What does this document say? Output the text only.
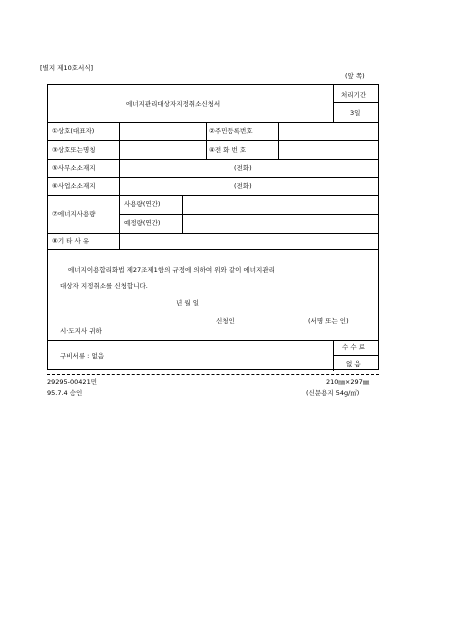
[별지 제10호서식]
(앞 쪽)
에너지관리대상자지정취소신청서
처리기간
3일
①상호(대표자)	②주민등록번호
③상호또는명칭	④전 화 번 호
⑤사무소소재지	(전화)
⑥사업소소재지	(전화)
⑦에너지사용량
사용량(연간)
예정량(연간)
⑧기 타 사 유
에너지이용합리화법 제27조제1항의 규정에 의하여 위와 같이 에너지관리
대상자 지정취소를 신청합니다.
년 월 일
신청인	(서명 또는 인)
시·도지사 귀하
구비서류 : 없음
수 수 료
없 음
29295-00421민
95.7.4 승인
210㎜×297㎜
(신문용지 54g/㎡)
